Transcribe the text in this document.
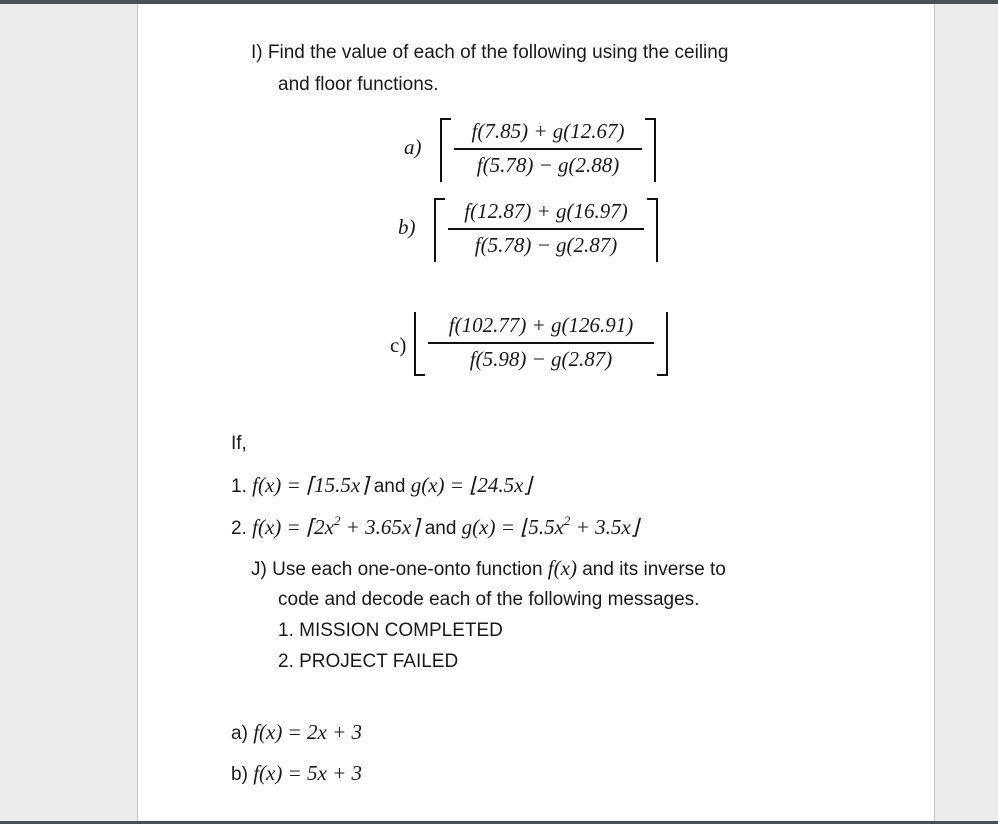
I) Find the value of each of the following using the ceiling
and floor functions.
a)
f(7.85) + g(12.67)
f(5.78) − g(2.88)
b)
f(12.87) + g(16.97)
f(5.78) − g(2.87)
c)
f(102.77) + g(126.91)
f(5.98) − g(2.87)
If,
1. f(x) = ⌈15.5x⌉ and g(x) = ⌊24.5x⌋
2. $f(x) = ⌈2x^2$ + 3.65x⌉ and $g(x) = ⌊5.5x^2$ + 3.5x⌋
J) Use each one-one-onto function f(x) and its inverse to
code and decode each of the following messages.
1. MISSION COMPLETED
2. PROJECT FAILED
a) f(x) = 2x + 3
b) f(x) = 5x + 3
